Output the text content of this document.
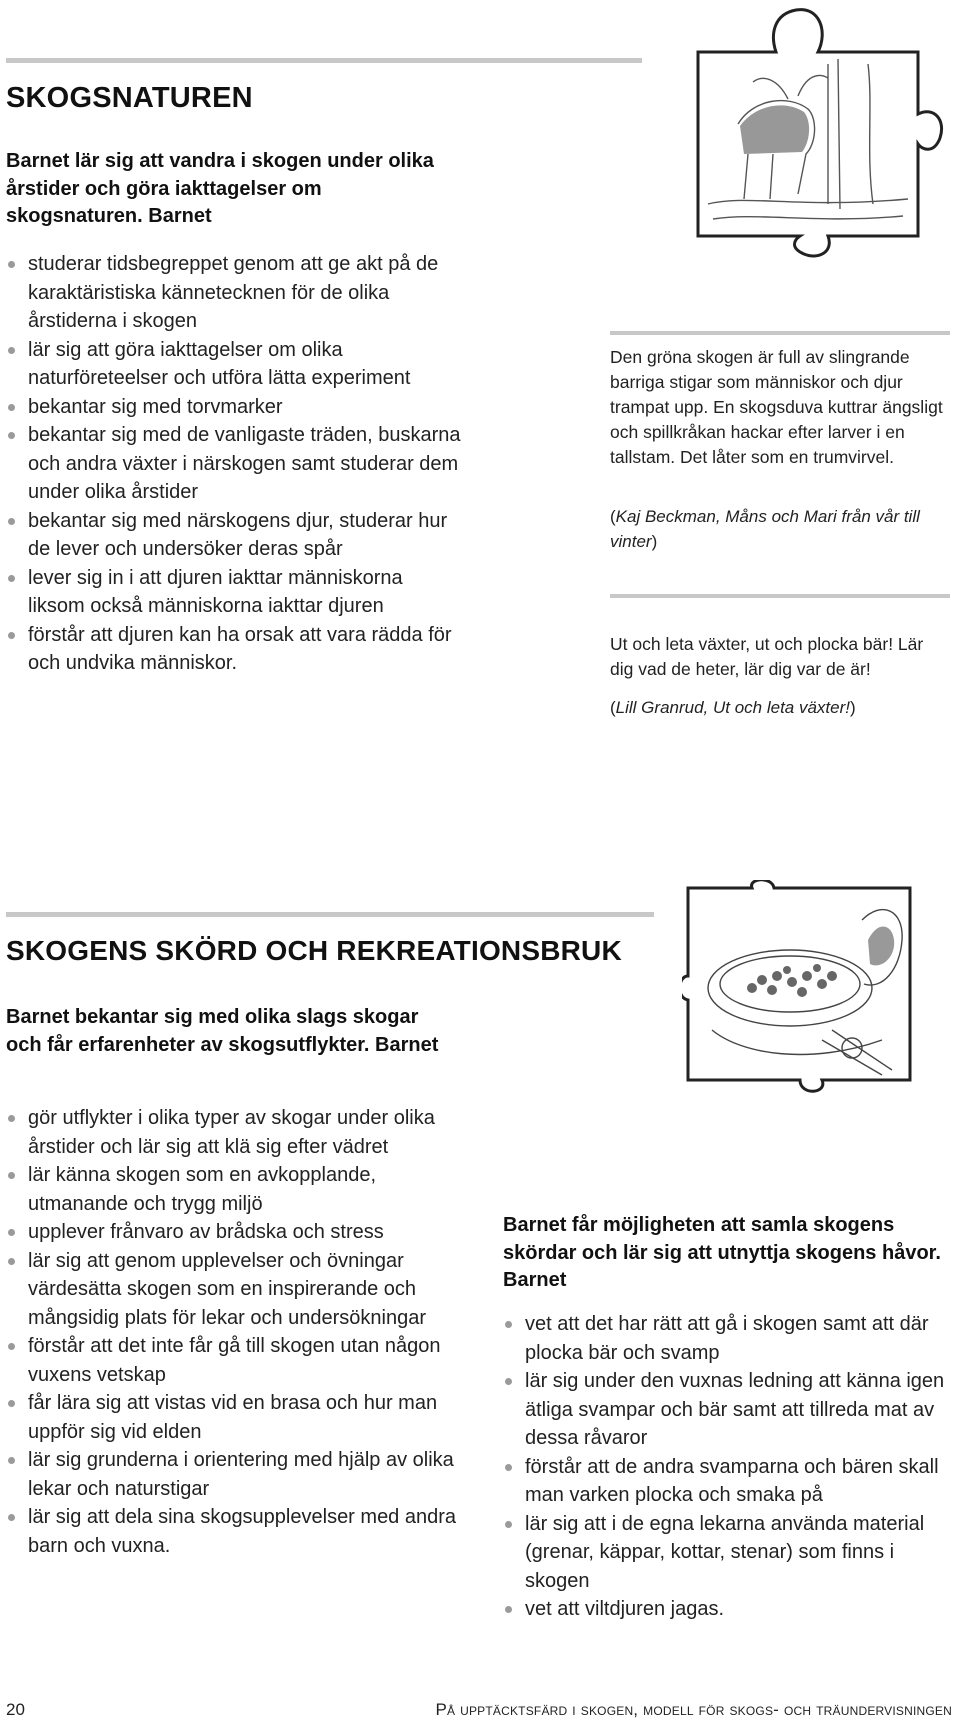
SKOGSNATUREN

Barnet lär sig att vandra i skogen under olika årstider och göra iakttagelser om skogsnaturen. Barnet

studerar tidsbegreppet genom att ge akt på de karaktäristiska kännetecknen för de olika årstiderna i skogen
lär sig att göra iakttagelser om olika naturföreteelser och utföra lätta experiment
bekantar sig med torvmarker
bekantar sig med de vanligaste träden, buskarna och andra växter i närskogen samt studerar dem under olika årstider
bekantar sig med närskogens djur, studerar hur de lever och undersöker deras spår
lever sig in i att djuren iakttar människorna liksom också människorna iakttar djuren
förstår att djuren kan ha orsak att vara rädda för och undvika människor.

Den gröna skogen är full av slingrande barriga stigar som människor och djur trampat upp. En skogsduva kuttrar ängsligt och spillkråkan hackar efter larver i en tallstam. Det låter som en trumvirvel.

(Kaj Beckman, Måns och Mari från vår till vinter)

Ut och leta växter, ut och plocka bär! Lär dig vad de heter, lär dig var de är!

(Lill Granrud, Ut och leta växter!)

SKOGENS SKÖRD OCH REKREATIONSBRUK

Barnet bekantar sig med olika slags skogar och får erfarenheter av skogsutflykter. Barnet

gör utflykter i olika typer av skogar under olika årstider och lär sig att klä sig efter vädret
lär känna skogen som en avkopplande, utmanande och trygg miljö
upplever frånvaro av brådska och stress
lär sig att genom upplevelser och övningar värdesätta skogen som en inspirerande och mångsidig plats för lekar och undersökningar
förstår att det inte får gå till skogen utan någon vuxens vetskap
får lära sig att vistas vid en brasa och hur man uppför sig vid elden
lär sig grunderna i orientering med hjälp av olika lekar och naturstigar
lär sig att dela sina skogsupplevelser med andra barn och vuxna.

Barnet får möjligheten att samla skogens skördar och lär sig att utnyttja skogens håvor. Barnet

vet att det har rätt att gå i skogen samt att där plocka bär och svamp
lär sig under den vuxnas ledning att känna igen ätliga svampar och bär samt att tillreda mat av dessa råvaror
förstår att de andra svamparna och bären skall man varken plocka och smaka på
lär sig att i de egna lekarna använda material (grenar, käppar, kottar, stenar) som finns i skogen
vet att viltdjuren jagas.
20	På upptäcktsfärd i skogen, modell för skogs- och träundervisningen
